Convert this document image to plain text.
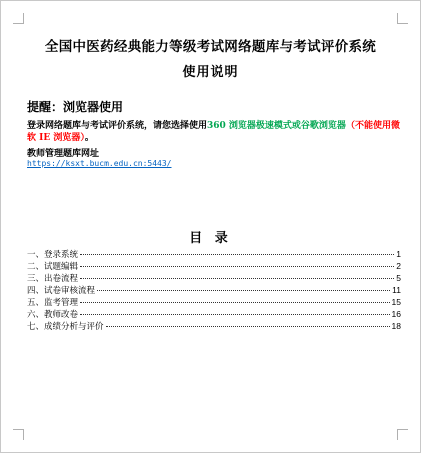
全国中医药经典能力等级考试网络题库与考试评价系统
使用说明
提醒：浏览器使用
登录网络题库与考试评价系统，请您选择使用360 浏览器极速模式或谷歌浏览器（不能使用微软 IE 浏览器）。
教师管理题库网址
https://ksxt.bucm.edu.cn:5443/
目 录
一、登录系统	1
二、试题编辑	2
三、出卷流程	5
四、试卷审核流程	11
五、监考管理	15
六、教师改卷	16
七、成绩分析与评价	18
